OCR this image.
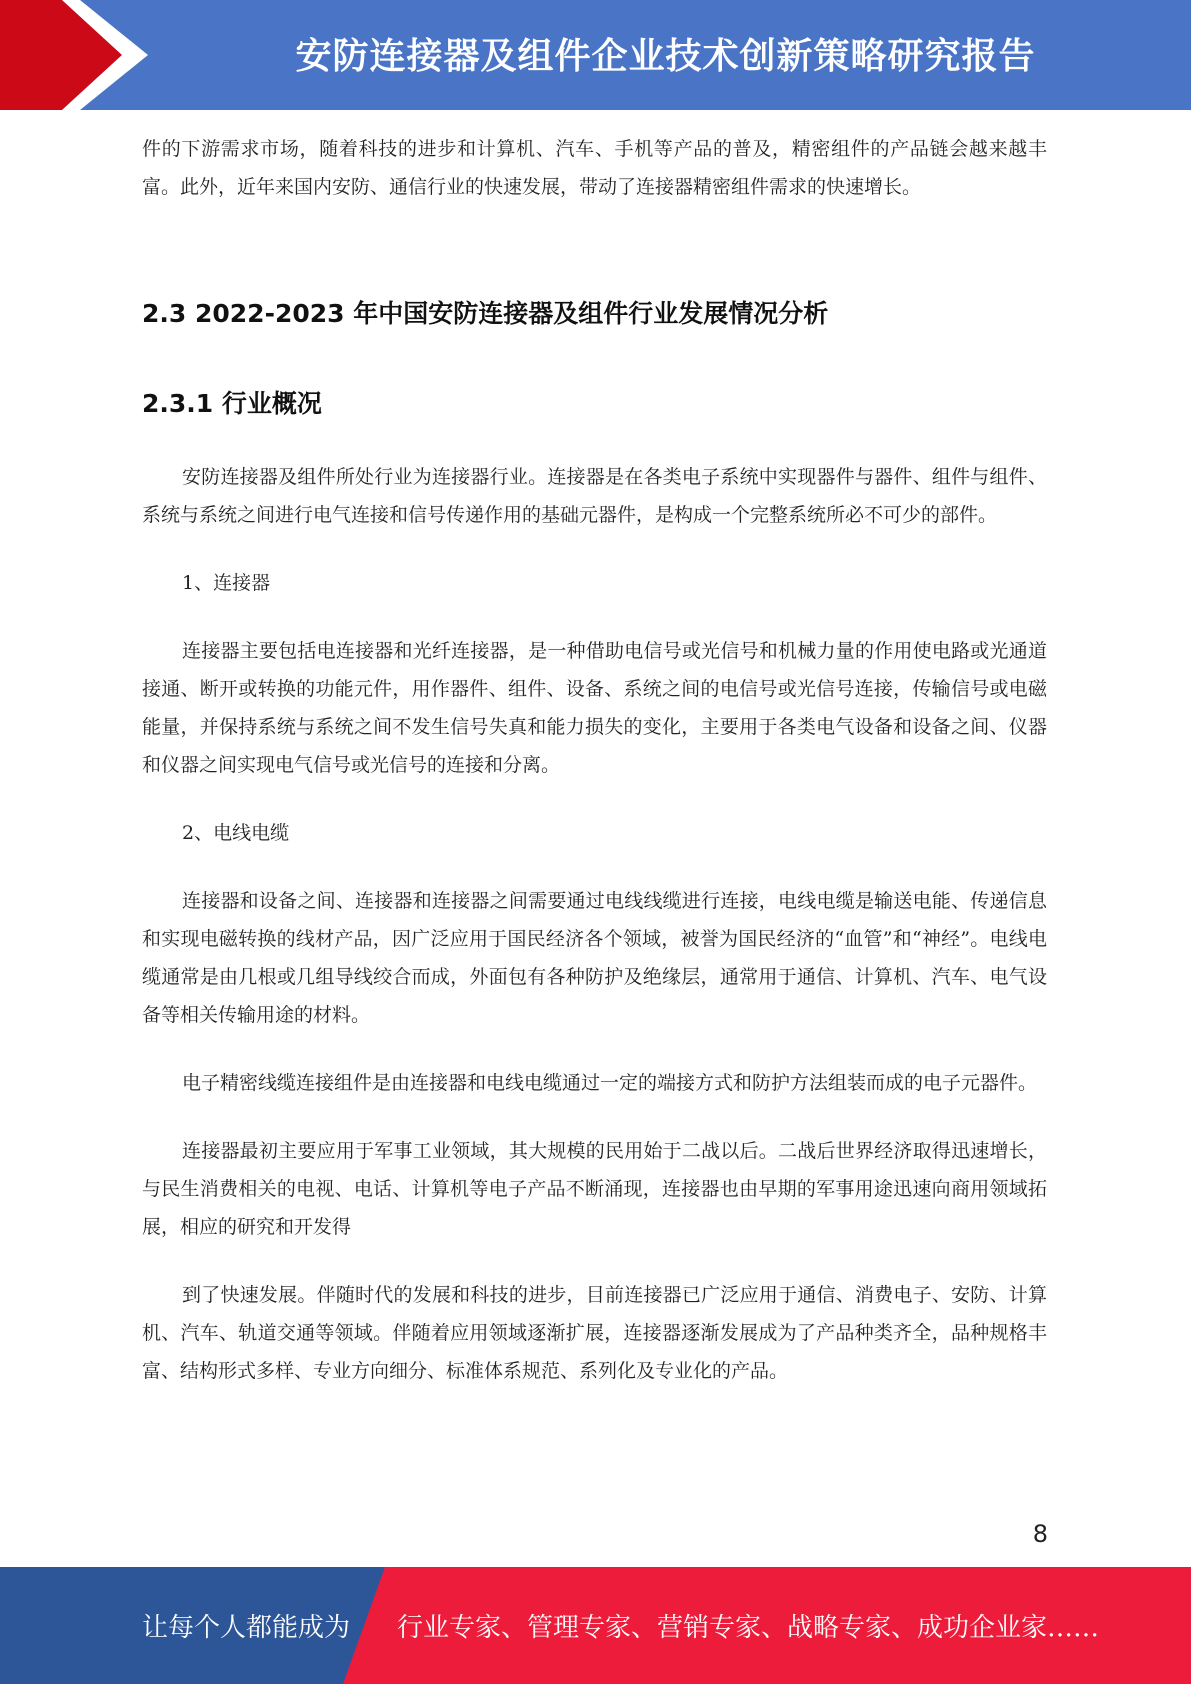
安防连接器及组件企业技术创新策略研究报告

件的下游需求市场，随着科技的进步和计算机、汽车、手机等产品的普及，精密组件的产品链会越来越丰富。此外，近年来国内安防、通信行业的快速发展，带动了连接器精密组件需求的快速增长。

2.3 2022-2023 年中国安防连接器及组件行业发展情况分析
2.3.1 行业概况

安防连接器及组件所处行业为连接器行业。连接器是在各类电子系统中实现器件与器件、组件与组件、系统与系统之间进行电气连接和信号传递作用的基础元器件，是构成一个完整系统所必不可少的部件。

1、连接器

连接器主要包括电连接器和光纤连接器，是一种借助电信号或光信号和机械力量的作用使电路或光通道接通、断开或转换的功能元件，用作器件、组件、设备、系统之间的电信号或光信号连接，传输信号或电磁能量，并保持系统与系统之间不发生信号失真和能力损失的变化，主要用于各类电气设备和设备之间、仪器和仪器之间实现电气信号或光信号的连接和分离。

2、电线电缆

连接器和设备之间、连接器和连接器之间需要通过电线线缆进行连接，电线电缆是输送电能、传递信息和实现电磁转换的线材产品，因广泛应用于国民经济各个领域，被誉为国民经济的“血管”和“神经”。电线电缆通常是由几根或几组导线绞合而成，外面包有各种防护及绝缘层，通常用于通信、计算机、汽车、电气设备等相关传输用途的材料。

电子精密线缆连接组件是由连接器和电线电缆通过一定的端接方式和防护方法组装而成的电子元器件。

连接器最初主要应用于军事工业领域，其大规模的民用始于二战以后。二战后世界经济取得迅速增长，与民生消费相关的电视、电话、计算机等电子产品不断涌现，连接器也由早期的军事用途迅速向商用领域拓展，相应的研究和开发得

到了快速发展。伴随时代的发展和科技的进步，目前连接器已广泛应用于通信、消费电子、安防、计算机、汽车、轨道交通等领域。伴随着应用领域逐渐扩展，连接器逐渐发展成为了产品种类齐全，品种规格丰富、结构形式多样、专业方向细分、标准体系规范、系列化及专业化的产品。

8
让每个人都能成为 行业专家、管理专家、营销专家、战略专家、成功企业家……
